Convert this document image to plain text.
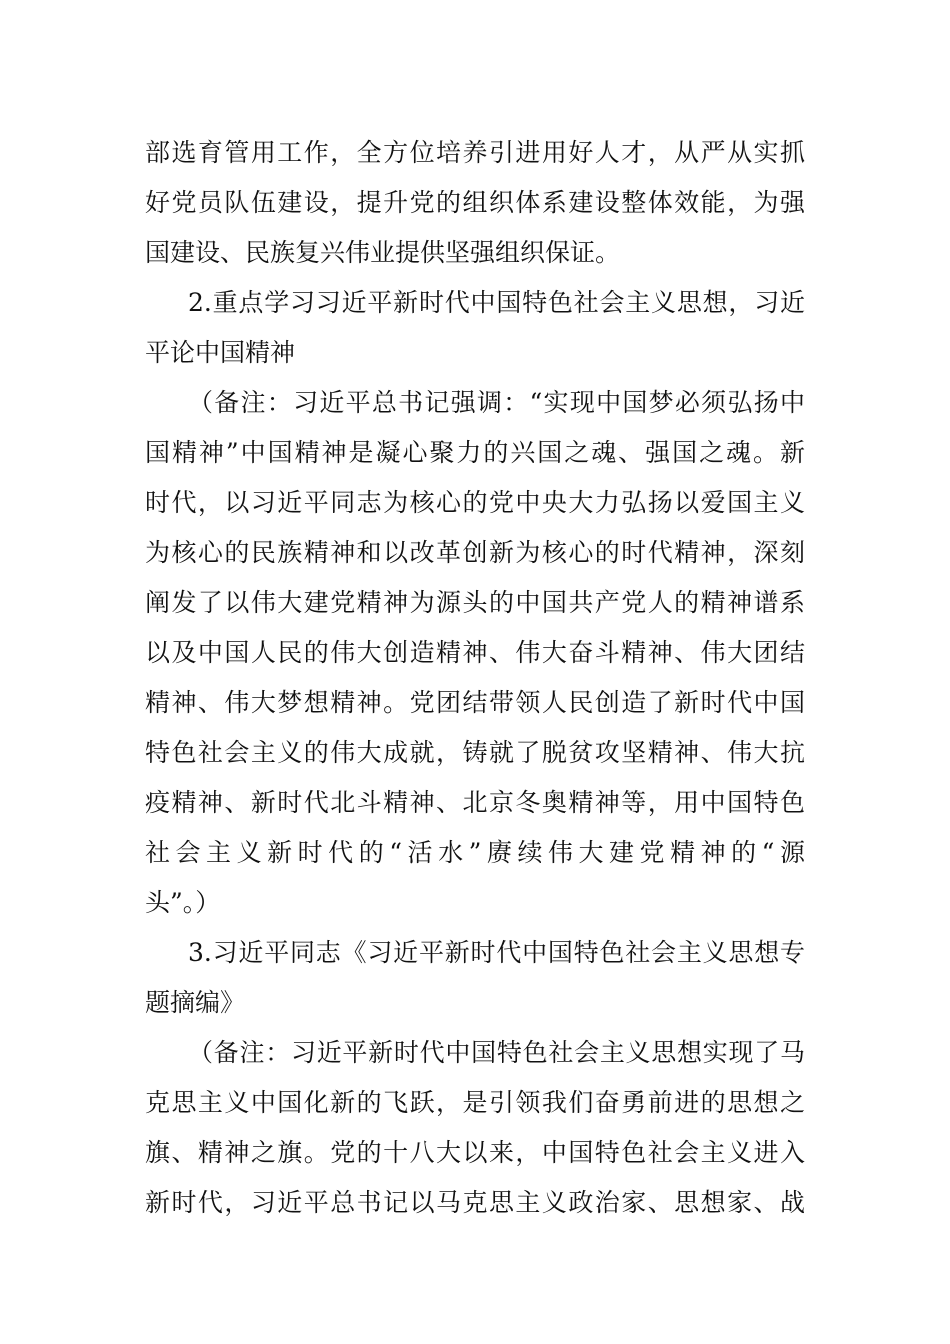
部选育管用工作，全方位培养引进用好人才，从严从实抓
好党员队伍建设，提升党的组织体系建设整体效能，为强
国建设、民族复兴伟业提供坚强组织保证。
2.重点学习习近平新时代中国特色社会主义思想，习近
平论中国精神
（备注：习近平总书记强调：“实现中国梦必须弘扬中
国精神”中国精神是凝心聚力的兴国之魂、强国之魂。新
时代，以习近平同志为核心的党中央大力弘扬以爱国主义
为核心的民族精神和以改革创新为核心的时代精神，深刻
阐发了以伟大建党精神为源头的中国共产党人的精神谱系
以及中国人民的伟大创造精神、伟大奋斗精神、伟大团结
精神、伟大梦想精神。党团结带领人民创造了新时代中国
特色社会主义的伟大成就，铸就了脱贫攻坚精神、伟大抗
疫精神、新时代北斗精神、北京冬奥精神等，用中国特色
社会主义新时代的“活水”赓续伟大建党精神的“源
头”。）
3.习近平同志《习近平新时代中国特色社会主义思想专
题摘编》
（备注：习近平新时代中国特色社会主义思想实现了马
克思主义中国化新的飞跃，是引领我们奋勇前进的思想之
旗、精神之旗。党的十八大以来，中国特色社会主义进入
新时代，习近平总书记以马克思主义政治家、思想家、战
